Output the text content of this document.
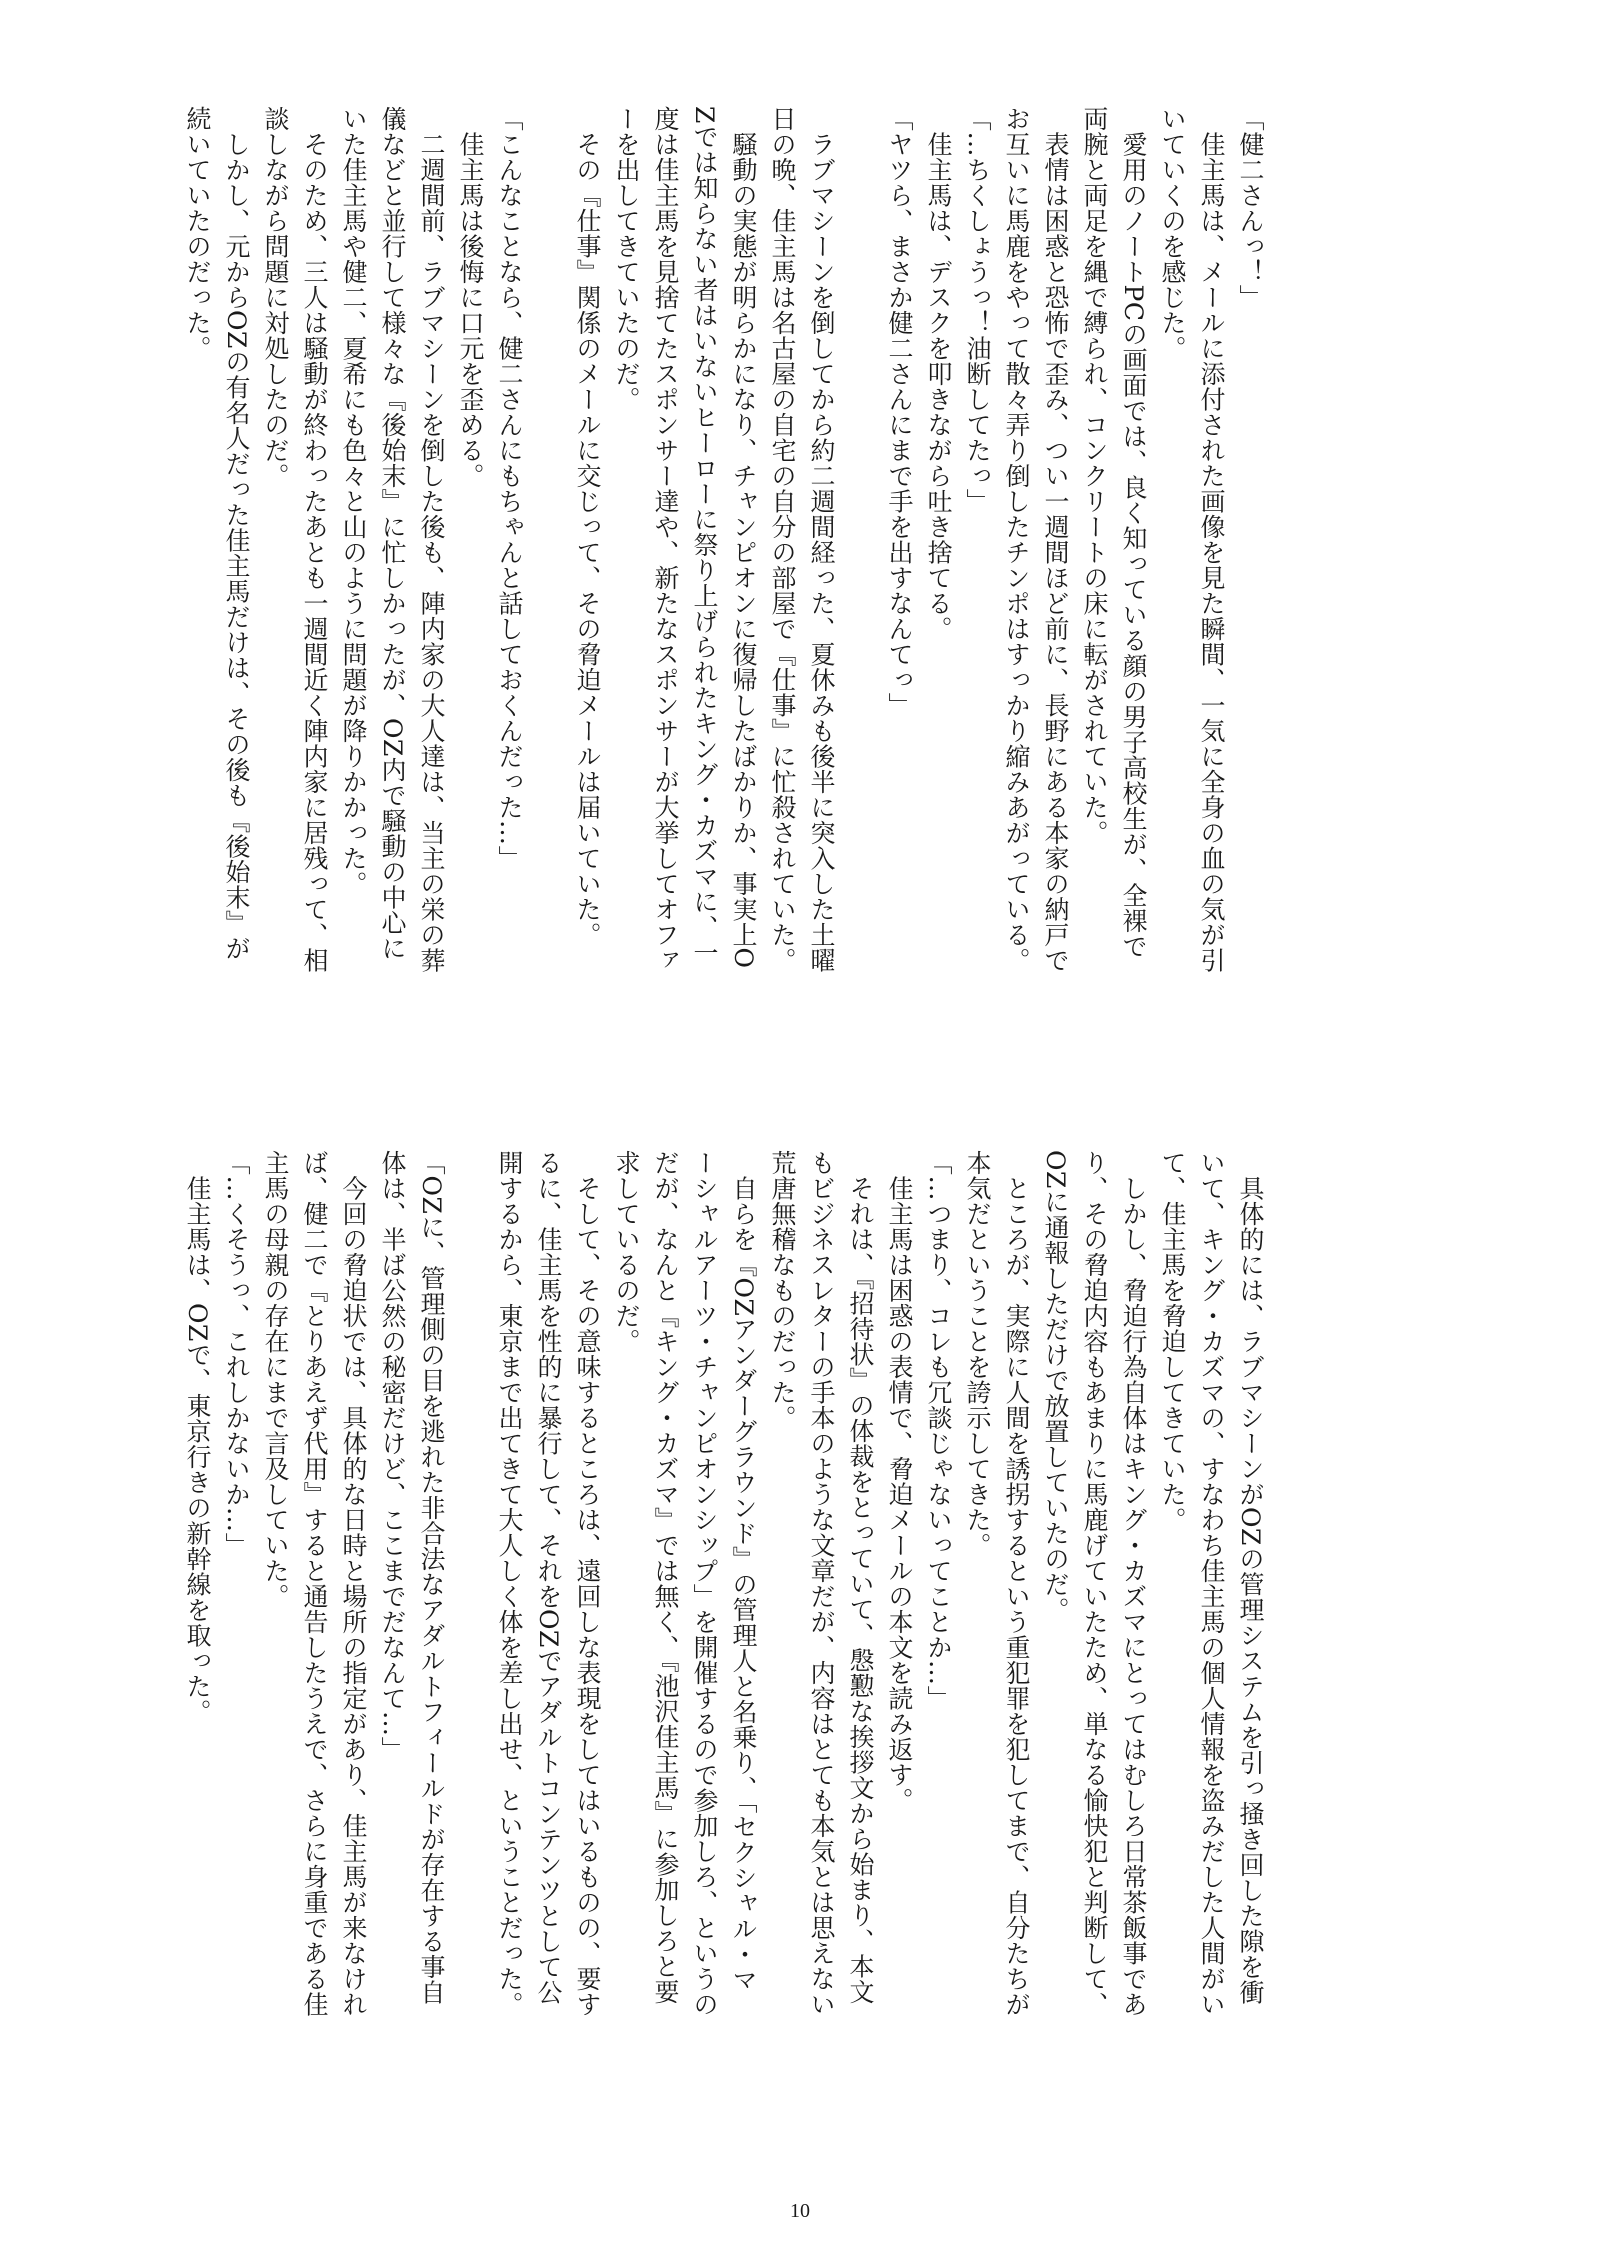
「健二さんっ！」
　佳主馬は、メールに添付された画像を見た瞬間、一気に全身の血の気が引
いていくのを感じた。
　愛用のノートPCの画面では、良く知っている顔の男子高校生が、全裸で
両腕と両足を縄で縛られ、コンクリートの床に転がされていた。
　表情は困惑と恐怖で歪み、つい一週間ほど前に、長野にある本家の納戸で
お互いに馬鹿をやって散々弄り倒したチンポはすっかり縮みあがっている。
「…ちくしょうっ！油断してたっ」
　佳主馬は、デスクを叩きながら吐き捨てる。
「ヤツら、まさか健二さんにまで手を出すなんてっ」

　ラブマシーンを倒してから約二週間経った、夏休みも後半に突入した土曜
日の晩、佳主馬は名古屋の自宅の自分の部屋で『仕事』に忙殺されていた。
　騒動の実態が明らかになり、チャンピオンに復帰したばかりか、事実上O
Zでは知らない者はいないヒーローに祭り上げられたキング・カズマに、一
度は佳主馬を見捨てたスポンサー達や、新たなスポンサーが大挙してオファ
ーを出してきていたのだ。
　その『仕事』関係のメールに交じって、その脅迫メールは届いていた。

「こんなことなら、健二さんにもちゃんと話しておくんだった…」
　佳主馬は後悔に口元を歪める。
　二週間前、ラブマシーンを倒した後も、陣内家の大人達は、当主の栄の葬
儀などと並行して様々な『後始末』に忙しかったが、OZ内で騒動の中心に
いた佳主馬や健二、夏希にも色々と山のように問題が降りかかった。
　そのため、三人は騒動が終わったあとも一週間近く陣内家に居残って、相
談しながら問題に対処したのだ。
　しかし、元からOZの有名人だった佳主馬だけは、その後も『後始末』が
続いていたのだった。
　具体的には、ラブマシーンがOZの管理システムを引っ掻き回した隙を衝
いて、キング・カズマの、すなわち佳主馬の個人情報を盗みだした人間がい
て、佳主馬を脅迫してきていた。
　しかし、脅迫行為自体はキング・カズマにとってはむしろ日常茶飯事であ
り、その脅迫内容もあまりに馬鹿げていたため、単なる愉快犯と判断して、
OZに通報しただけで放置していたのだ。
　ところが、実際に人間を誘拐するという重犯罪を犯してまで、自分たちが
本気だということを誇示してきた。
「…つまり、コレも冗談じゃないってことか…」
　佳主馬は困惑の表情で、脅迫メールの本文を読み返す。
　それは、『招待状』の体裁をとっていて、慇懃な挨拶文から始まり、本文
もビジネスレターの手本のような文章だが、内容はとても本気とは思えない
荒唐無稽なものだった。
　自らを『OZアンダーグラウンド』の管理人と名乗り、「セクシャル・マ
ーシャルアーツ・チャンピオンシップ」を開催するので参加しろ、というの
だが、なんと『キング・カズマ』では無く、『池沢佳主馬』に参加しろと要
求しているのだ。
　そして、その意味するところは、遠回しな表現をしてはいるものの、要す
るに、佳主馬を性的に暴行して、それをOZでアダルトコンテンツとして公
開するから、東京まで出てきて大人しく体を差し出せ、ということだった。

「OZに、管理側の目を逃れた非合法なアダルトフィールドが存在する事自
体は、半ば公然の秘密だけど、ここまでだなんて…」
　今回の脅迫状では、具体的な日時と場所の指定があり、佳主馬が来なけれ
ば、健二で『とりあえず代用』すると通告したうえで、さらに身重である佳
主馬の母親の存在にまで言及していた。
「…くそうっ、これしかないか…」
　佳主馬は、OZで、東京行きの新幹線を取った。
10
